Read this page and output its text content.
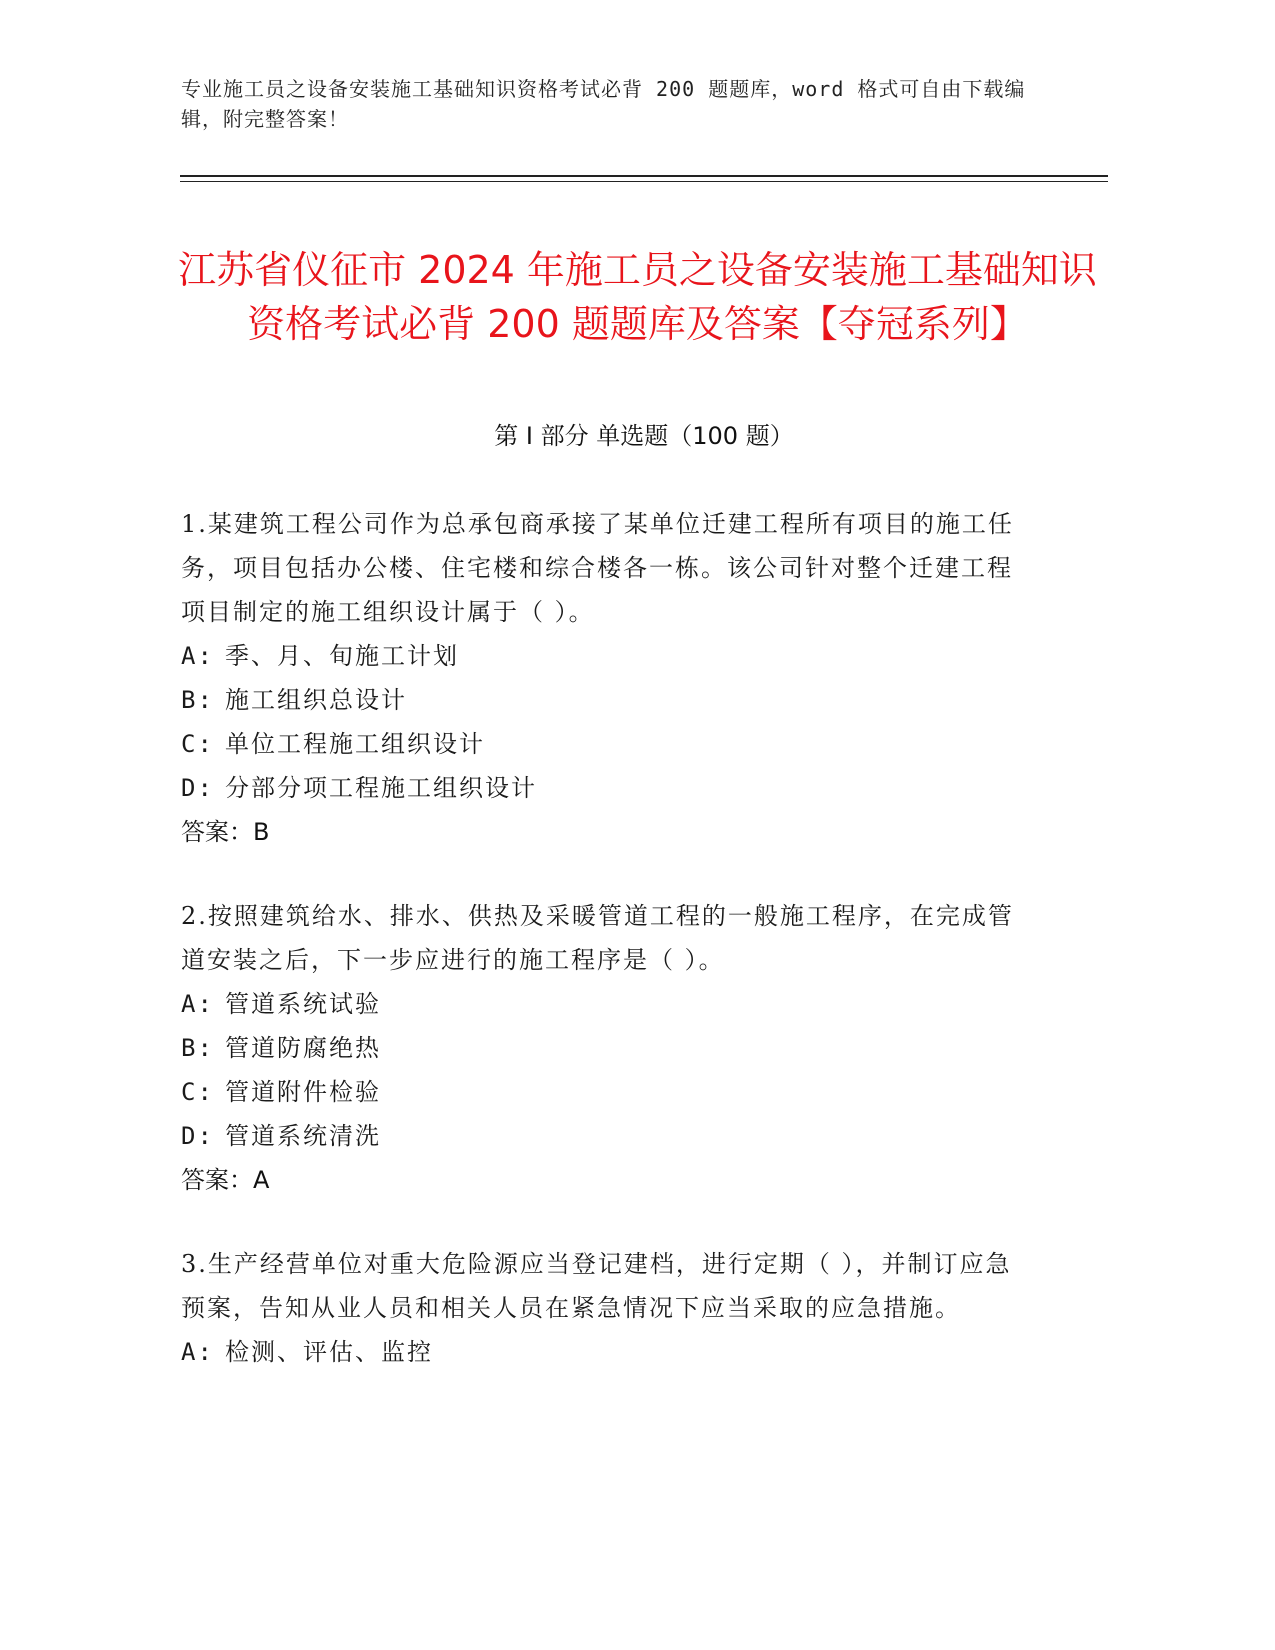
专业施工员之设备安装施工基础知识资格考试必背 200 题题库，word 格式可自由下载编辑，附完整答案！
江苏省仪征市 2024 年施工员之设备安装施工基础知识资格考试必背 200 题题库及答案【夺冠系列】
第 I 部分 单选题（100 题）

1.某建筑工程公司作为总承包商承接了某单位迁建工程所有项目的施工任务，项目包括办公楼、住宅楼和综合楼各一栋。该公司针对整个迁建工程项目制定的施工组织设计属于（ ）。

A: 季、月、旬施工计划

B: 施工组织总设计

C: 单位工程施工组织设计

D: 分部分项工程施工组织设计

答案：B

2.按照建筑给水、排水、供热及采暖管道工程的一般施工程序，在完成管道安装之后，下一步应进行的施工程序是（ ）。

A: 管道系统试验

B: 管道防腐绝热

C: 管道附件检验

D: 管道系统清洗

答案：A

3.生产经营单位对重大危险源应当登记建档，进行定期（ ），并制订应急预案，告知从业人员和相关人员在紧急情况下应当采取的应急措施。

A: 检测、评估、监控
